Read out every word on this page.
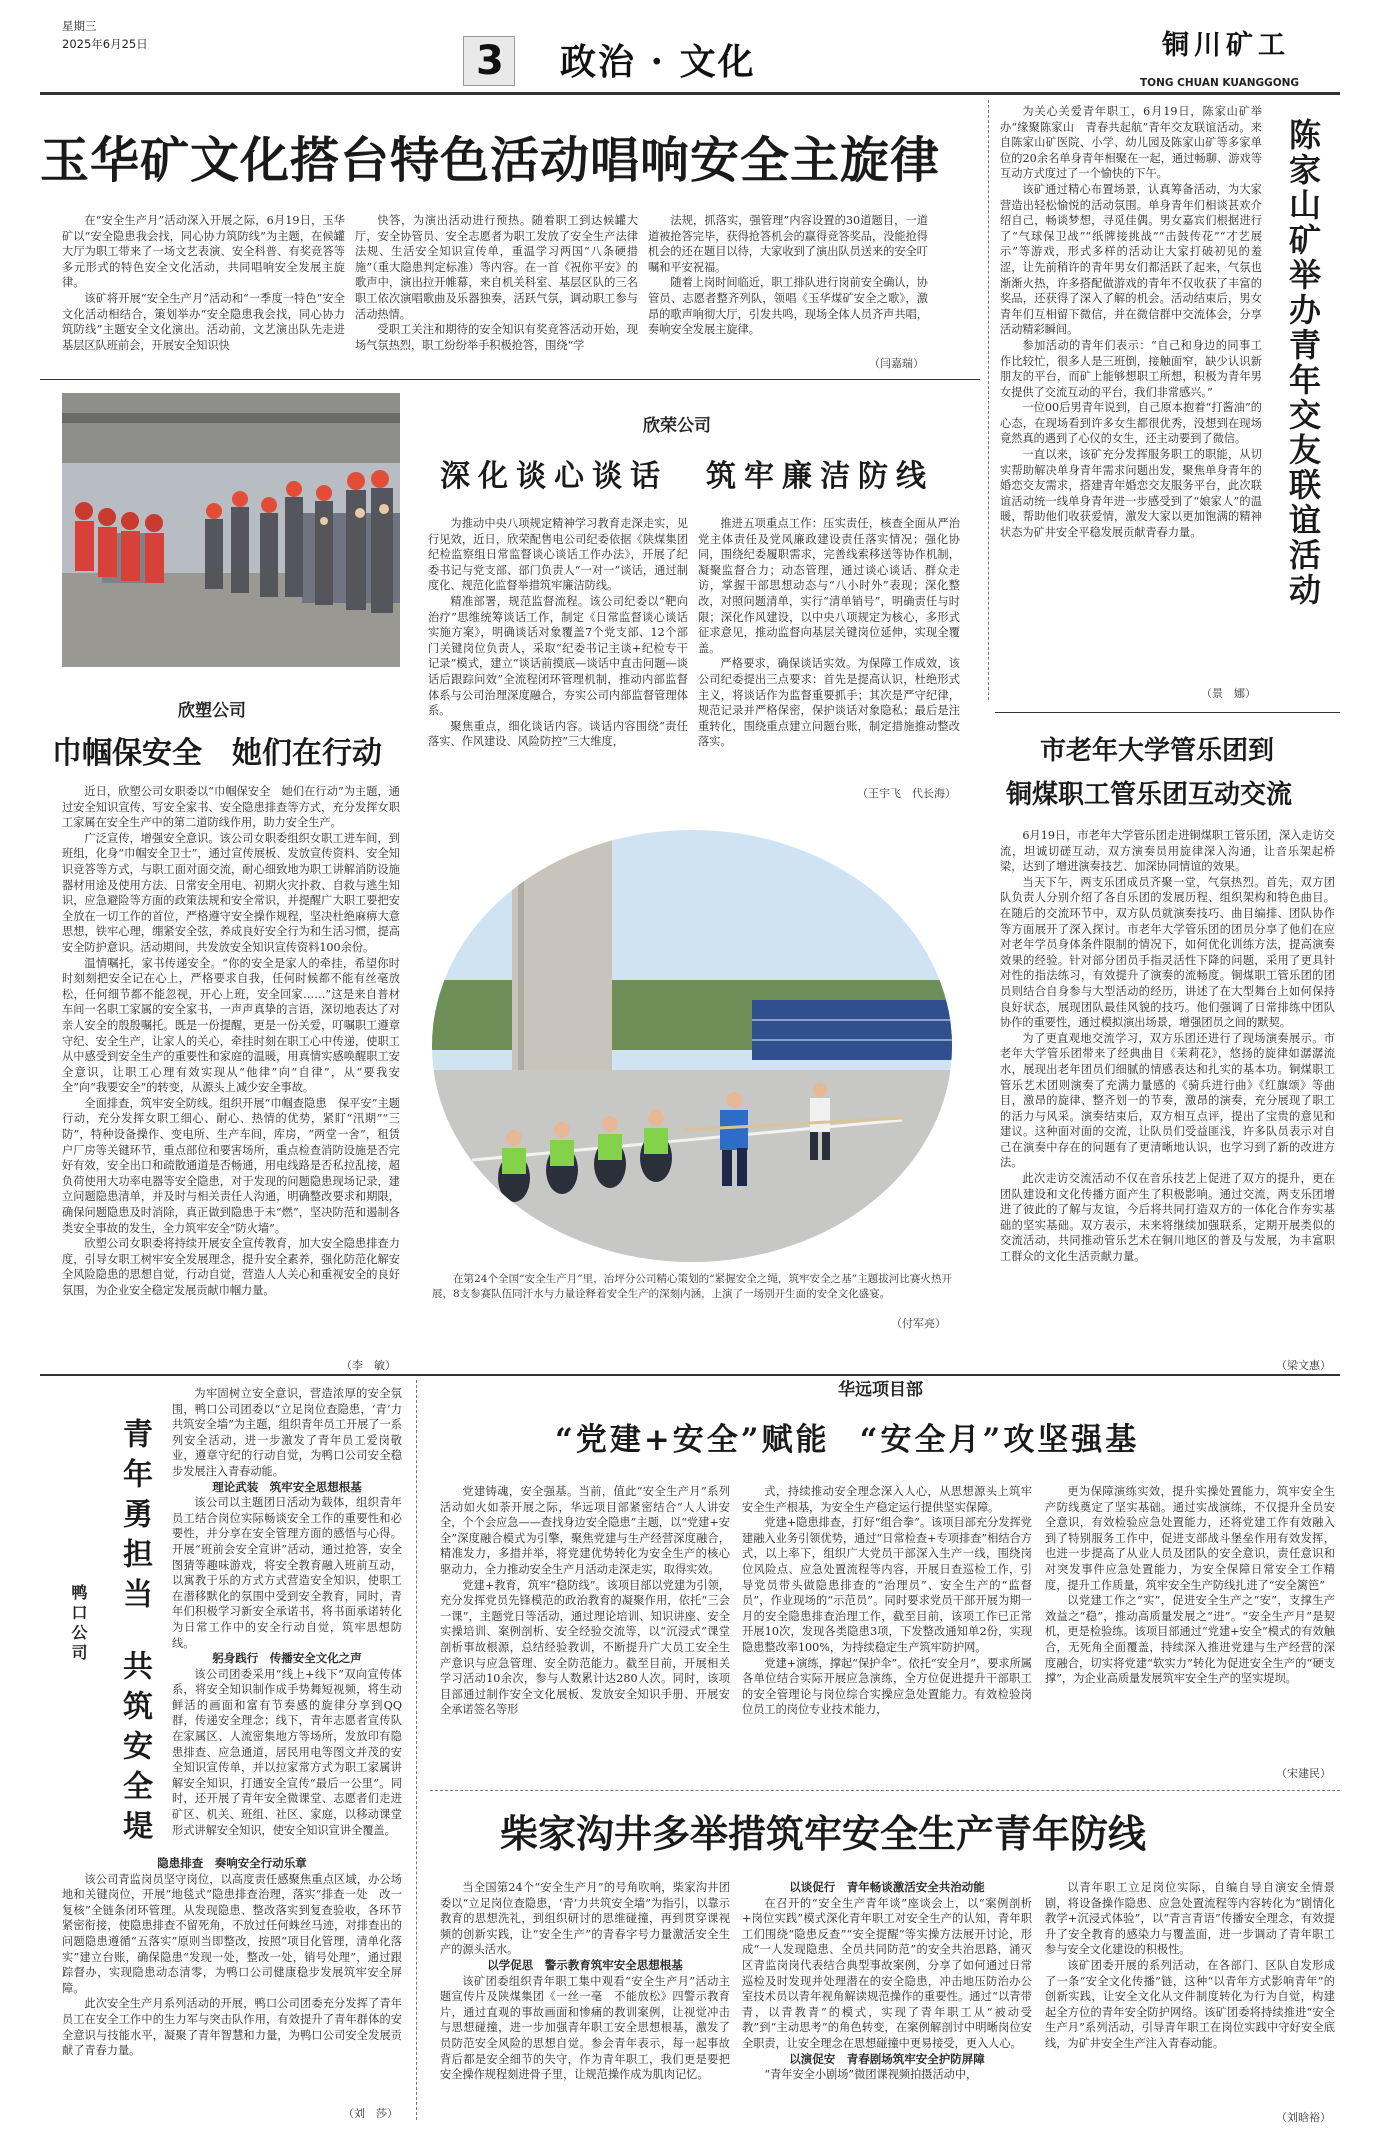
星期三
2025年6月25日	3 政治 · 文化	铜川矿工
TONG CHUAN KUANGGONG
玉华矿文化搭台特色活动唱响安全主旋律

在“安全生产月”活动深入开展之际，6月19日，玉华矿以“安全隐患我会找，同心协力筑防线”为主题，在候罐大厅为职工带来了一场文艺表演、安全科普、有奖竞答等多元形式的特色安全文化活动，共同唱响安全发展主旋律。

该矿将开展“安全生产月”活动和“一季度一特色”安全文化活动相结合，策划举办“安全隐患我会找，同心协力筑防线”主题安全文化演出。活动前，文艺演出队先走进基层区队班前会，开展安全知识快

快答，为演出活动进行预热。随着职工到达候罐大厅，安全协管员、安全志愿者为职工发放了安全生产法律法规、生活安全知识宣传单，重温学习两国“八条硬措施”（重大隐患判定标准）等内容。在一首《祝你平安》的歌声中，演出拉开帷幕，来自机关科室、基层区队的三名职工依次演唱歌曲及乐器独奏，活跃气氛，调动职工参与活动热情。

受职工关注和期待的安全知识有奖竞答活动开始，现场气氛热烈，职工纷纷举手积极抢答，围绕“学

法规，抓落实，强管理”内容设置的30道题目，一道道被抢答完毕，获得抢答机会的赢得竞答奖品，没能抢得机会的还在题目以待，大家收到了演出队员送来的安全叮嘱和平安祝福。

随着上岗时间临近，职工排队进行岗前安全确认，协管员、志愿者整齐列队，领唱《玉华煤矿安全之歌》，激昂的歌声响彻大厅，引发共鸣，现场全体人员齐声共唱，奏响安全发展主旋律。

（闫嘉瑞）
欣塑公司
巾帼保安全　她们在行动

近日，欣塑公司女职委以“巾帼保安全　她们在行动”为主题，通过安全知识宣传、写安全家书、安全隐患排查等方式，充分发挥女职工家属在安全生产中的第二道防线作用，助力安全生产。

广泛宣传，增强安全意识。该公司女职委组织女职工进车间，到班组，化身“巾帼安全卫士”，通过宣传展板、发放宣传资料、安全知识竞答等方式，与职工面对面交流，耐心细致地为职工讲解消防设施器材用途及使用方法、日常安全用电、初期火灾扑救、自救与逃生知识，应急避险等方面的政策法规和安全常识，并提醒广大职工要把安全放在一切工作的首位，严格遵守安全操作规程，坚决杜绝麻痹大意思想，铁牢心理，绷紧安全弦，养成良好安全行为和生活习惯，提高安全防护意识。活动期间，共发放安全知识宣传资料100余份。

温情嘱托，家书传递安全。“你的安全是家人的牵挂，希望你时时刻刻把安全记在心上，严格要求自我，任何时候都不能有丝毫放松，任何细节都不能忽视，开心上班，安全回家……”这是来自普材车间一名职工家属的安全家书，一声声真挚的言语，深切地表达了对亲人安全的殷殷嘱托。既是一份提醒，更是一份关爱，叮嘱职工遵章守纪、安全生产，让家人的关心，牵挂时刻在职工心中传递，使职工从中感受到安全生产的重要性和家庭的温暖，用真情实感唤醒职工安全意识，让职工心理有效实现从“他律”向“自律”，从“要我安全”向“我要安全”的转变，从源头上减少安全事故。

全面排查，筑牢安全防线。组织开展“巾帼查隐患　保平安”主题行动，充分发挥女职工细心、耐心、热情的优势，紧盯“汛期”“三防”，特种设备操作、变电所、生产车间，库房，“两堂一舍”，租赁户厂房等关键环节，重点部位和要害场所，重点检查消防设施是否完好有效，安全出口和疏散通道是否畅通，用电线路是否私拉乱接，超负荷使用大功率电器等安全隐患，对于发现的问题隐患现场记录，建立问题隐患清单，并及时与相关责任人沟通，明确整改要求和期限，确保问题隐患及时消除，真正做到隐患于未“燃”，坚决防范和遏制各类安全事故的发生，全力筑牢安全“防火墙”。

欣塑公司女职委将持续开展安全宣传教育，加大安全隐患排查力度，引导女职工树牢安全发展理念，提升安全素养，强化防范化解安全风险隐患的思想自觉，行动自觉，营造人人关心和重视安全的良好氛围，为企业安全稳定发展贡献巾帼力量。

（李　敏）
欣荣公司
深化谈心谈话　筑牢廉洁防线

为推动中央八项规定精神学习教育走深走实，见行见效，近日，欣荣配售电公司纪委依据《陕煤集团纪检监察组日常监督谈心谈话工作办法》，开展了纪委书记与党支部、部门负责人“一对一”谈话，通过制度化、规范化监督举措筑牢廉洁防线。

精准部署，规范监督流程。该公司纪委以“靶向治疗”思维统筹谈话工作，制定《日常监督谈心谈话实施方案》，明确谈话对象覆盖7个党支部、12个部门关键岗位负责人，采取“纪委书记主谈+纪检专干记录”模式，建立“谈话前摸底—谈话中直击问题—谈话后跟踪问效”全流程闭环管理机制，推动内部监督体系与公司治理深度融合，夯实公司内部监督管理体系。

聚焦重点，细化谈话内容。谈话内容围绕“责任落实、作风建设、风险防控”三大维度，

推进五项重点工作：压实责任，核查全面从严治党主体责任及党风廉政建设责任落实情况；强化协同，围绕纪委履职需求，完善线索移送等协作机制，凝聚监督合力；动态管理，通过谈心谈话、群众走访，掌握干部思想动态与“八小时外”表现；深化整改，对照问题清单，实行“清单销号”，明确责任与时限；深化作风建设，以中央八项规定为核心，多形式征求意见，推动监督向基层关键岗位延伸，实现全覆盖。

严格要求，确保谈话实效。为保障工作成效，该公司纪委提出三点要求：首先是提高认识，杜绝形式主义，将谈话作为监督重要抓手；其次是严守纪律，规范记录并严格保密，保护谈话对象隐私；最后是注重转化，围绕重点建立问题台账，制定措施推动整改落实。

（王宇飞　代长海）

为关心关爱青年职工，6月19日，陈家山矿举办“缘聚陈家山　青春共起航”青年交友联谊活动。来自陈家山矿医院、小学、幼儿园及陈家山矿等多家单位的20余名单身青年相聚在一起，通过畅聊、游戏等互动方式度过了一个愉快的下午。

该矿通过精心布置场景，认真筹备活动，为大家营造出轻松愉悦的活动氛围。单身青年们相谈甚欢介绍自己，畅谈梦想，寻觅佳偶。男女嘉宾们根据进行了“气球保卫战”“纸牌接挑战”“击鼓传花”“才艺展示”等游戏，形式多样的活动让大家打破初见的羞涩，让先前稍许的青年男女们都活跃了起来，气氛也渐渐火热，许多搭配做游戏的青年不仅收获了丰富的奖品，还获得了深入了解的机会。活动结束后，男女青年们互相留下微信，并在微信群中交流体会，分享活动精彩瞬间。

参加活动的青年们表示：“自己和身边的同事工作比较忙，很多人是三班倒，接触面窄，缺少认识新朋友的平台，而矿上能够想职工所想，积极为青年男女提供了交流互动的平台，我们非常感兴。”

一位00后男青年说到，自己原本抱着“打酱油”的心态，在现场看到许多女生都很优秀，没想到在现场竟然真的遇到了心仪的女生，还主动要到了微信。

一直以来，该矿充分发挥服务职工的职能，从切实帮助解决单身青年需求问题出发，聚焦单身青年的婚恋交友需求，搭建青年婚恋交友服务平台，此次联谊活动统一线单身青年进一步感受到了“娘家人”的温暖，帮助他们收获爱情，激发大家以更加饱满的精神状态为矿井安全平稳发展贡献青春力量。

（景　娜）
陈家山矿举办青年交友联谊活动
市老年大学管乐团到
铜煤职工管乐团互动交流

6月19日，市老年大学管乐团走进铜煤职工管乐团，深入走访交流，坦诚切磋互动，双方演奏员用旋律深入沟通，让音乐架起桥梁，达到了增进演奏技艺、加深协同情谊的效果。

当天下午，两支乐团成员齐聚一堂，气氛热烈。首先，双方团队负责人分别介绍了各自乐团的发展历程、组织架构和特色曲目。在随后的交流环节中，双方队员就演奏技巧、曲目编排、团队协作等方面展开了深入探讨。市老年大学管乐团的团员分享了他们在应对老年学员身体条件限制的情况下，如何优化训练方法，提高演奏效果的经验。针对部分团员手指灵活性下降的问题，采用了更具针对性的指法练习，有效提升了演奏的流畅度。铜煤职工管乐团的团员则结合自身参与大型活动的经历，讲述了在大型舞台上如何保持良好状态，展现团队最佳风貌的技巧。他们强调了日常排练中团队协作的重要性，通过模拟演出场景，增强团员之间的默契。

为了更直观地交流学习，双方乐团还进行了现场演奏展示。市老年大学管乐团带来了经典曲目《茉莉花》，悠扬的旋律如潺潺流水，展现出老年团员们细腻的情感表达和扎实的基本功。铜煤职工管乐艺术团则演奏了充满力量感的《骑兵进行曲》《红旗颂》等曲目，激昂的旋律、整齐划一的节奏，激昂的演奏，充分展现了职工的活力与风采。演奏结束后，双方相互点评，提出了宝贵的意见和建议。这种面对面的交流，让队员们受益匪浅，许多队员表示对自己在演奏中存在的问题有了更清晰地认识，也学习到了新的改进方法。

此次走访交流活动不仅在音乐技艺上促进了双方的提升，更在团队建设和文化传播方面产生了积极影响。通过交流，两支乐团增进了彼此的了解与友谊，今后将共同打造双方的一体化合作夯实基础的坚实基础。双方表示，未来将继续加强联系，定期开展类似的交流活动，共同推动管乐艺术在铜川地区的普及与发展，为丰富职工群众的文化生活贡献力量。

（梁文惠）
在第24个全国“安全生产月”里，冶坪分公司精心策划的“紧握安全之绳，筑牢安全之基”主题拔河比赛火热开展，8支参赛队伍同汗水与力量诠释着安全生产的深刻内涵，上演了一场别开生面的安全文化盛宴。
（付军亮）
青年勇担当
共筑安全堤
鸭口公司

为牢固树立安全意识，营造浓厚的安全氛围，鸭口公司团委以“立足岗位查隐患，‘青’力共筑安全墙”为主题，组织青年员工开展了一系列安全活动，进一步激发了青年员工爱岗敬业，遵章守纪的行动自觉，为鸭口公司安全稳步发展注入青春动能。

理论武装　筑牢安全思想根基

该公司以主题团日活动为载体，组织青年员工结合岗位实际畅谈安全工作的重要性和必要性，并分享在安全管理方面的感悟与心得。开展“班前会安全宣讲”活动，通过抢答，安全图猜等趣味游戏，将安全教育融入班前互动，以寓教于乐的方式方式营造安全知识，使职工在潜移默化的氛围中受到安全教育，同时，青年们积极学习新安全承诺书，将书面承诺转化为日常工作中的安全行动自觉，筑牢思想防线。

躬身践行　传播安全文化之声

该公司团委采用“线上+线下”双向宣传体系，将安全知识制作成手势舞短视频，将生动鲜活的画面和富有节奏感的旋律分享到QQ群，传递安全理念；线下，青年志愿者宣传队在家属区、人流密集地方等场所，发放印有隐患排查、应急通道，居民用电等图文并茂的安全知识宣传单，并以拉家常方式为职工家属讲解安全知识，打通安全宣传“最后一公里”。同时，还开展了青年安全微课堂、志愿者们走进矿区、机关、班组、社区、家庭，以移动课堂形式讲解安全知识，使安全知识宣讲全覆盖。

隐患排查　奏响安全行动乐章

该公司青监岗员坚守岗位，以高度责任感聚焦重点区域，办公场地和关键岗位，开展“地毯式”隐患排查治理，落实“排查一处　改一复核”全链条闭环管理。从发现隐患、整改落实到复查验收，各环节紧密衔接，使隐患排查不留死角，不放过任何蛛丝马迹，对排查出的问题隐患遵循“五落实”原则当即整改，按照“项目化管理，清单化落实”建立台账，确保隐患“发现一处，整改一处，销号处理”，通过跟踪督办，实现隐患动态清零，为鸭口公司健康稳步发展筑牢安全屏障。

此次安全生产月系列活动的开展，鸭口公司团委充分发挥了青年员工在安全工作中的生力军与突击队作用，有效提升了青年群体的安全意识与技能水平，凝聚了青年智慧和力量，为鸭口公司安全发展贡献了青春力量。

（刘　莎）
华远项目部
“党建+安全”赋能 “安全月”攻坚强基

党建铸魂，安全强基。当前，值此“安全生产月”系列活动如火如荼开展之际，华远项目部紧密结合“人人讲安全，个个会应急——查找身边安全隐患”主题，以“党建+安全”深度融合模式为引擎，聚焦党建与生产经营深度融合，精准发力，多措并举，将党建优势转化为安全生产的核心驱动力，全力推动安全生产月活动走深走实，取得实效。

党建+教育，筑牢“稳防线”。该项目部以党建为引领，充分发挥党员先锋模范的政治教育的凝聚作用，依托“三会一课”，主题党日等活动，通过理论培训、知识讲座、安全实操培训、案例剖析、安全经验交流等，以“沉浸式”课堂剖析事故根源，总结经验教训，不断提升广大员工安全生产意识与应急管理、安全防范能力。截至目前，开展相关学习活动10余次，参与人数累计达280人次。同时，该项目部通过制作安全文化展板、发放安全知识手册、开展安全承诺签名等形

式，持续推动安全理念深入人心，从思想源头上筑牢安全生产根基，为安全生产稳定运行提供坚实保障。

党建+隐患排查，打好“组合拳”。该项目部充分发挥党建融入业务引领优势，通过“日常检查+专项排查”相结合方式，以上率下，组织广大党员干部深入生产一线，围绕岗位风险点、应急处置流程等内容，开展日查巡检工作，引导党员带头做隐患排查的“治理员”、安全生产的“监督员”，作业现场的“示范员”。同时要求党员干部开展为期一月的安全隐患排查治理工作，截至目前，该项工作已正常开展10次，发现各类隐患3项，下发整改通知单2份，实现隐患整改率100%，为持续稳定生产筑牢防护网。

党建+演练，撑起“保护伞”。依托“安全月”，要求所属各单位结合实际开展应急演练，全方位促进提升干部职工的安全管理论与岗位综合实操应急处置能力。有效检验岗位员工的岗位专业技术能力，

更为保障演练实效，提升实操处置能力，筑牢安全生产防线奠定了坚实基础。通过实战演练，不仅提升全员安全意识，有效检验应急处置能力，还将党建工作有效融入到了特别服务工作中，促进支部战斗堡垒作用有效发挥，也进一步提高了从业人员及团队的安全意识，责任意识和对突发事件应急处置能力，为安全保障日常安全工作精度，提升工作质量，筑牢安全生产防线扎进了“安全篱笆”

以党建工作之“实”，促进安全生产之“安”，支撑生产效益之“稳”，推动高质量发展之“进”。“安全生产月”是契机，更是检验练。该项目部通过“党建+安全”模式的有效触合，无死角全面覆盖，持续深入推进党建与生产经营的深度融合，切实将党建“软实力”转化为促进安全生产的“硬支撑”，为企业高质量发展筑牢安全生产的坚实堤坝。

（宋建民）
柴家沟井多举措筑牢安全生产青年防线

当全国第24个“安全生产月”的号角吹响，柴家沟井团委以“立足岗位查隐患，‘青’力共筑安全墙”为指引，以靠示教育的思想洗礼，到组织研讨的思维碰撞，再到贯穿课视频的创新实践，让“安全生产”的青春字号力量激活安全生产的源头活水。

以学促思　警示教育筑牢安全思想根基

该矿团委组织青年职工集中观看“安全生产月”活动主题宣传片及陕煤集团《一丝一毫　不能放松》四警示教育片，通过直观的事故画面和惨痛的教训案例，让视觉冲击与思想碰撞，进一步加强青年职工安全思想根基，激发了员防范安全风险的思想自觉。参会青年表示，每一起事故背后都是安全细节的失守，作为青年职工，我们更是要把安全操作规程刻进骨子里，让规范操作成为肌肉记忆。

以谈促行　青年畅谈激活安全共治动能

在召开的“安全生产青年谈”座谈会上，以“案例剖析+岗位实践”模式深化青年职工对安全生产的认知，青年职工们围绕“隐患反查”“安全提醒”等实操方法展开讨论，形成“一人发现隐患、全员共同防范”的安全共治思路，涌灭区青监岗岗代表结合典型事故案例，分享了如何通过日常巡检及时发现并处理潜在的安全隐患，冲击地压防治办公室技术员以青年视角解读规范操作的重要性。通过“以青带青，以青教青”的模式，实现了青年职工从“被动受教”到“主动思考”的角色转变，在案例解剖讨中明晰岗位安全职责，让安全理念在思想碰撞中更易接受，更入人心。

以演促安　青春剧场筑牢安全护防屏障

“青年安全小剧场”微团课视频拍摄活动中，

以青年职工立足岗位实际，自编自导自演安全情景剧，将设备操作隐患、应急处置流程等内容转化为“剧情化教学+沉浸式体验”，以“青言青语”传播安全理念，有效提升了安全教育的感染力与覆盖面，进一步调动了青年职工参与安全文化建设的积极性。

该矿团委开展的系列活动，在各部门、区队自发形成了一条“安全文化传播”链，这种“以青年方式影响青年”的创新实践，让安全文化从文件制度转化为行为自觉，构建起全方位的青年安全防护网络。该矿团委将持续推进“安全生产月”系列活动，引导青年职工在岗位实践中守好安全底线，为矿井安全生产注入青春动能。

（刘晗裕）
